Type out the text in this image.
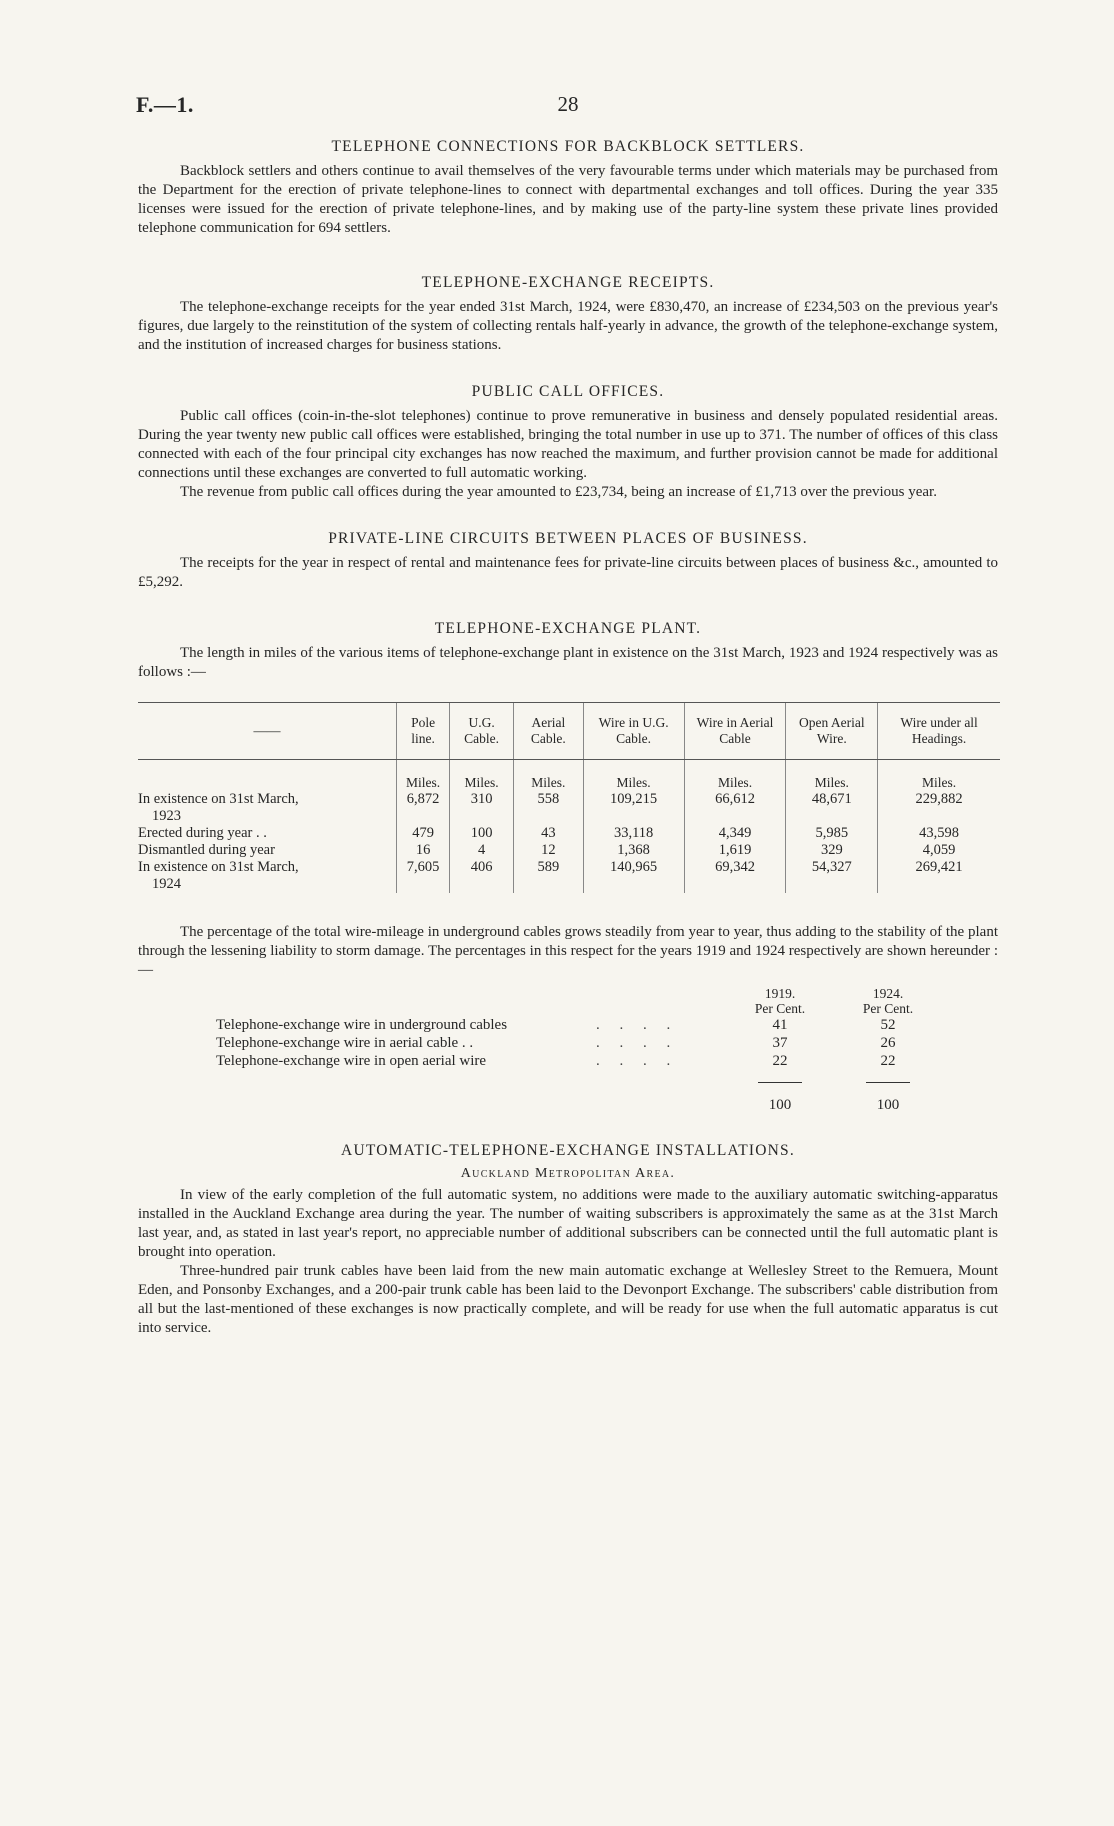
F.—1.	28
TELEPHONE CONNECTIONS FOR BACKBLOCK SETTLERS.

Backblock settlers and others continue to avail themselves of the very favourable terms under which materials may be purchased from the Department for the erection of private telephone-lines to connect with departmental exchanges and toll offices. During the year 335 licenses were issued for the erection of private telephone-lines, and by making use of the party-line system these private lines provided telephone communication for 694 settlers.

TELEPHONE-EXCHANGE RECEIPTS.

The telephone-exchange receipts for the year ended 31st March, 1924, were £830,470, an increase of £234,503 on the previous year's figures, due largely to the reinstitution of the system of collecting rentals half-yearly in advance, the growth of the telephone-exchange system, and the institution of increased charges for business stations.

PUBLIC CALL OFFICES.

Public call offices (coin-in-the-slot telephones) continue to prove remunerative in business and densely populated residential areas. During the year twenty new public call offices were established, bringing the total number in use up to 371. The number of offices of this class connected with each of the four principal city exchanges has now reached the maximum, and further provision cannot be made for additional connections until these exchanges are converted to full automatic working.

The revenue from public call offices during the year amounted to £23,734, being an increase of £1,713 over the previous year.

PRIVATE-LINE CIRCUITS BETWEEN PLACES OF BUSINESS.

The receipts for the year in respect of rental and maintenance fees for private-line circuits between places of business &c., amounted to £5,292.

TELEPHONE-EXCHANGE PLANT.

The length in miles of the various items of telephone-exchange plant in existence on the 31st March, 1923 and 1924 respectively was as follows :—

——	Pole line.	U.G. Cable.	Aerial Cable.	Wire in U.G. Cable.	Wire in Aerial Cable	Open Aerial Wire.	Wire under all Headings.
	Miles.	Miles.	Miles.	Miles.	Miles.	Miles.	Miles.
In existence on 31st March,
1923	6,872	310	558	109,215	66,612	48,671	229,882
Erected during year . .	479	100	43	33,118	4,349	5,985	43,598
Dismantled during year	16	4	12	1,368	1,619	329	4,059
In existence on 31st March,
1924	7,605	406	589	140,965	69,342	54,327	269,421

The percentage of the total wire-mileage in underground cables grows steadily from year to year, thus adding to the stability of the plant through the lessening liability to storm damage. The percentages in this respect for the years 1919 and 1924 respectively are shown hereunder :—

		1919.	1924.
		Per Cent.	Per Cent.
Telephone-exchange wire in underground cables	. . . .	41	52
Telephone-exchange wire in aerial cable . .	. . . .	37	26
Telephone-exchange wire in open aerial wire	. . . .	22	22

		100	100
AUTOMATIC-TELEPHONE-EXCHANGE INSTALLATIONS.
Auckland Metropolitan Area.

In view of the early completion of the full automatic system, no additions were made to the auxiliary automatic switching-apparatus installed in the Auckland Exchange area during the year. The number of waiting subscribers is approximately the same as at the 31st March last year, and, as stated in last year's report, no appreciable number of additional subscribers can be connected until the full automatic plant is brought into operation.

Three-hundred pair trunk cables have been laid from the new main automatic exchange at Wellesley Street to the Remuera, Mount Eden, and Ponsonby Exchanges, and a 200-pair trunk cable has been laid to the Devonport Exchange. The subscribers' cable distribution from all but the last-mentioned of these exchanges is now practically complete, and will be ready for use when the full automatic apparatus is cut into service.
